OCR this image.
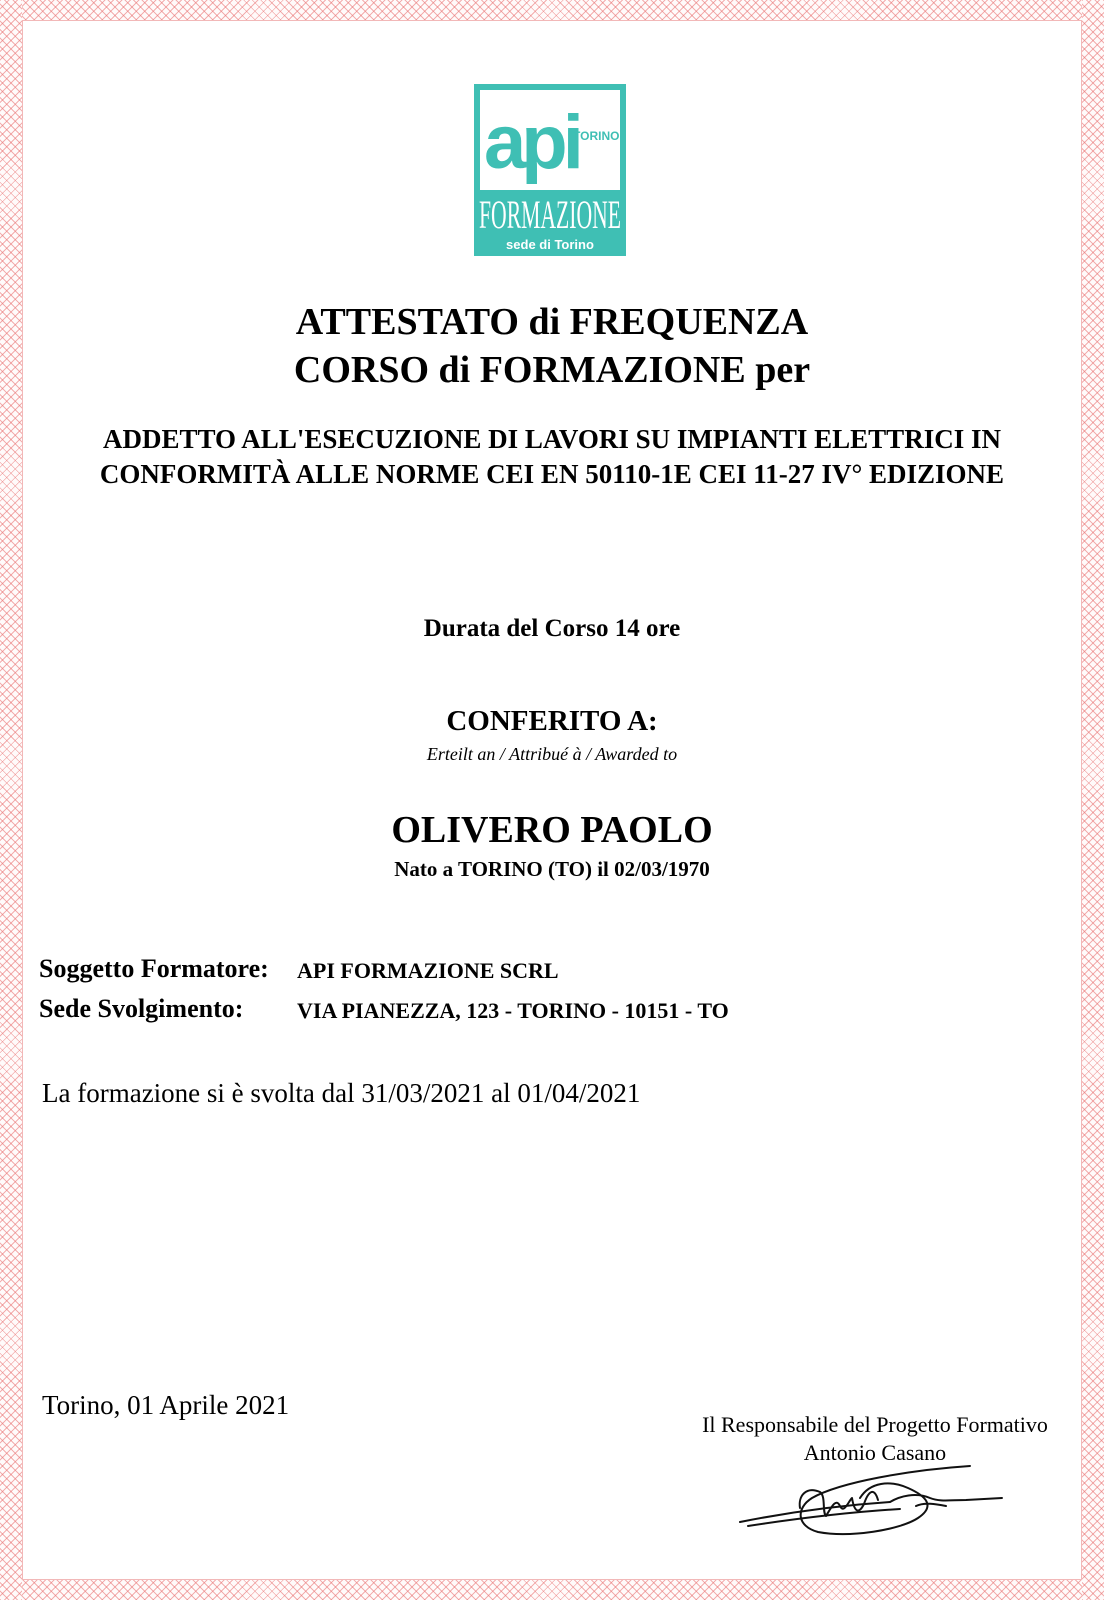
api
TORINO
FORMAZIONE
sede di Torino
ATTESTATO di FREQUENZA
CORSO di FORMAZIONE per
ADDETTO ALL'ESECUZIONE DI LAVORI SU IMPIANTI ELETTRICI IN
CONFORMITÀ ALLE NORME CEI EN 50110-1E CEI 11-27 IV° EDIZIONE
Durata del Corso 14 ore
CONFERITO A:
Erteilt an / Attribué à / Awarded to
OLIVERO PAOLO
Nato a TORINO (TO) il 02/03/1970
Soggetto Formatore: API FORMAZIONE SCRL
Sede Svolgimento: VIA PIANEZZA, 123 - TORINO - 10151 - TO
La formazione si è svolta dal 31/03/2021 al 01/04/2021
Torino, 01 Aprile 2021
Il Responsabile del Progetto Formativo
Antonio Casano
